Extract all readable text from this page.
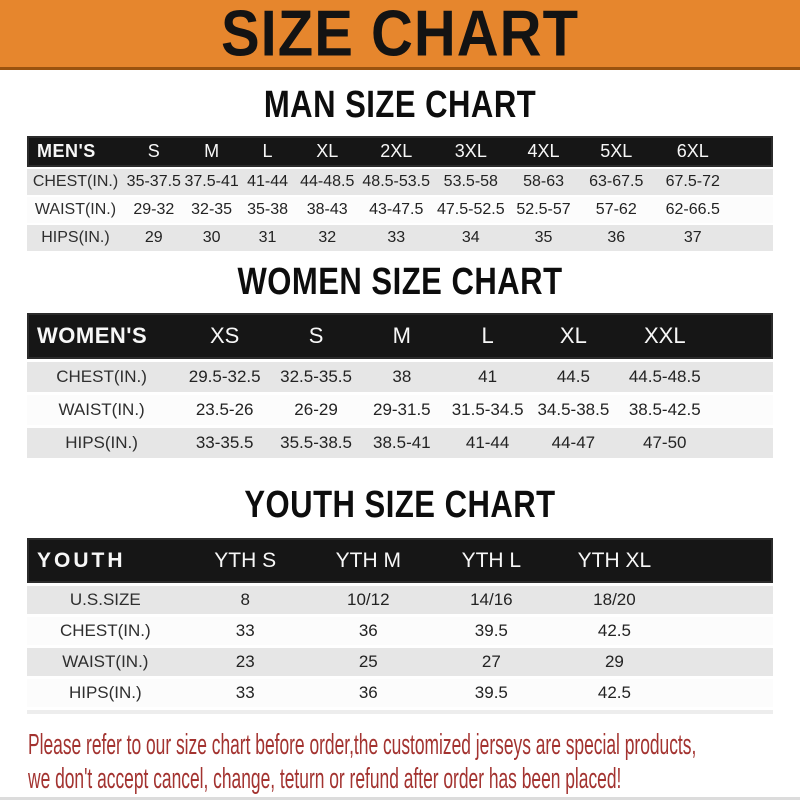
SIZE CHART
MAN SIZE CHART
MEN'S	S	M	L	XL	2XL	3XL	4XL	5XL	6XL
CHEST(IN.) 35-37.5 37.5-41 41-44 44-48.5 48.5-53.5 53.5-58	58-63	63-67.5	67.5-72
WAIST(IN.)	29-32	32-35 35-38	38-43	43-47.5 47.5-52.5 52.5-57	57-62	62-66.5
HIPS(IN.)	29	30	31	32	33	34	35	36	37
WOMEN SIZE CHART
WOMEN'S	XS	S	M	L	XL	XXL
CHEST(IN.)	29.5-32.5	32.5-35.5	38	41	44.5	44.5-48.5
WAIST(IN.)	23.5-26	26-29	29-31.5	31.5-34.5 34.5-38.5	38.5-42.5
HIPS(IN.)	33-35.5	35.5-38.5	38.5-41	41-44	44-47	47-50
YOUTH SIZE CHART
YOUTH	YTH S	YTH M	YTH L	YTH XL
U.S.SIZE	8	10/12	14/16	18/20
CHEST(IN.)	33	36	39.5	42.5
WAIST(IN.)	23	25	27	29
HIPS(IN.)	33	36	39.5	42.5
Please refer to our size chart before order,the customized jerseys are special products,
we don't accept cancel, change, teturn or refund after order has been placed!
